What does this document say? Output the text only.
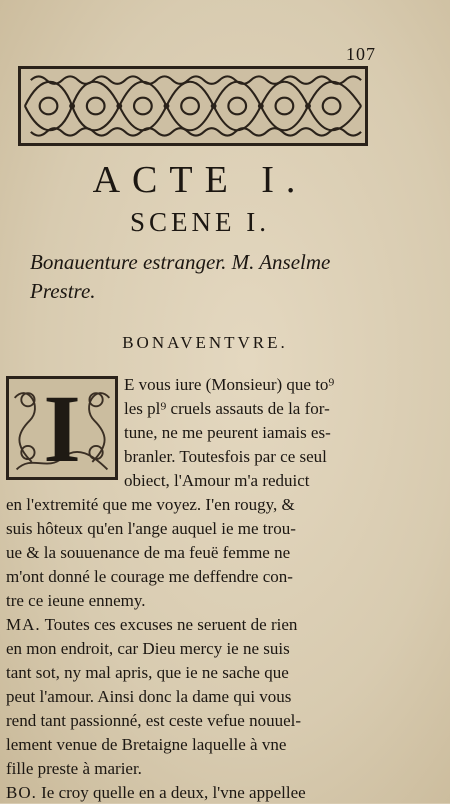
107
ACTE I.
SCENE I.
Bonauenture estranger. M. Anselme
Prestre.
BONAVENTVRE.
I	E vous iure (Monsieur) que to⁹
les pl⁹ cruels assauts de la for-
tune, ne me peurent iamais es-
branler. Toutesfois par ce seul
obiect, l'Amour m'a reduict
en l'extremité que me voyez. I'en rougy, &
suis hôteux qu'en l'ange auquel ie me trou-
ue & la souuenance de ma feuë femme ne
m'ont donné le courage me deffendre con-
tre ce ieune ennemy.
MA. Toutes ces excuses ne seruent de rien
en mon endroit, car Dieu mercy ie ne suis
tant sot, ny mal apris, que ie ne sache que
peut l'amour. Ainsi donc la dame qui vous
rend tant passionné, est ceste vefue nouuel-
lement venue de Bretaigne laquelle à vne
fille preste à marier.
BO. Ie croy quelle en a deux, l'vne appellee
